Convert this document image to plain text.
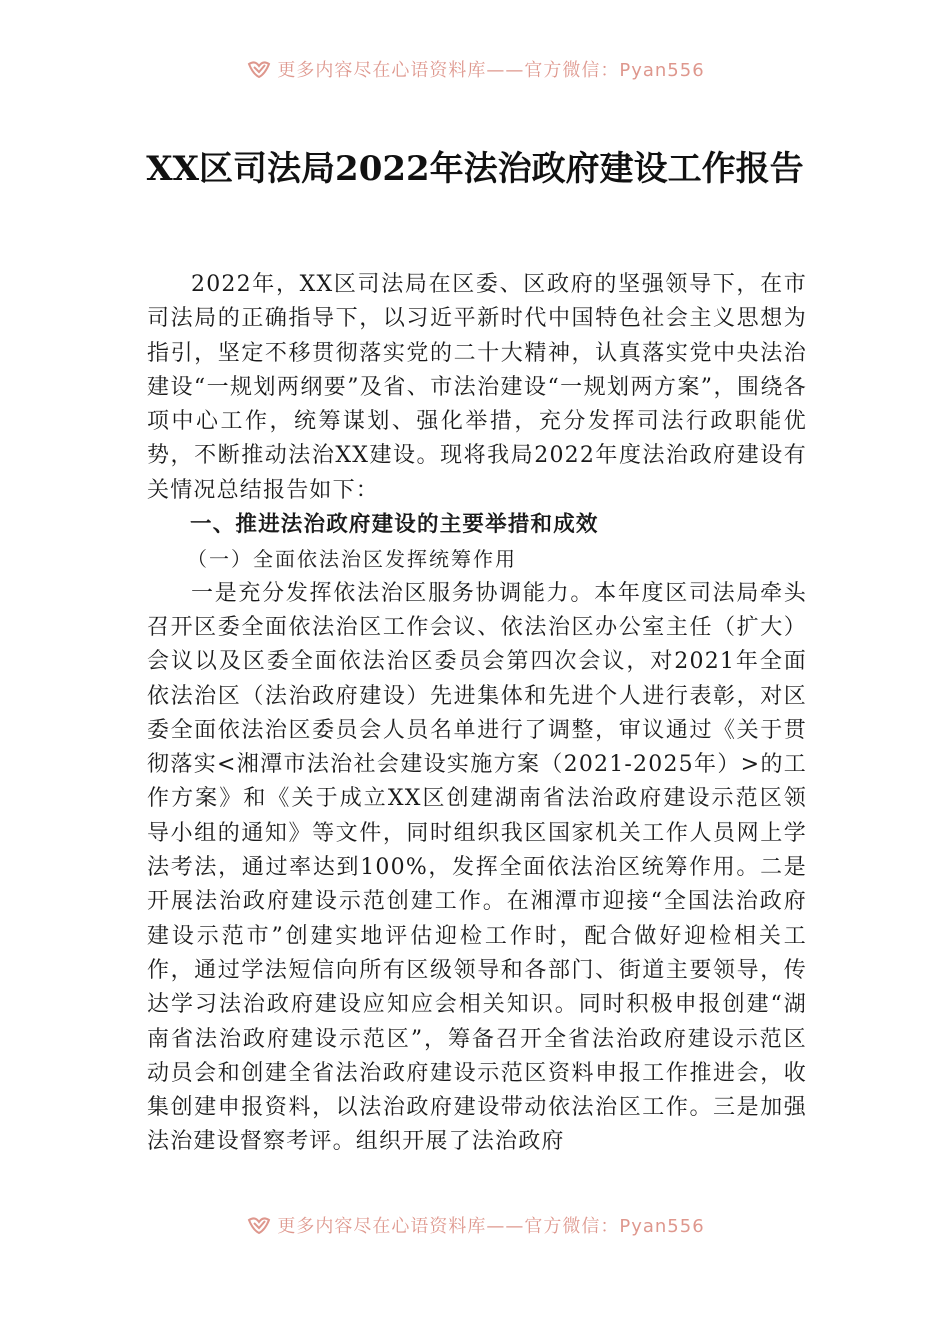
更多内容尽在心语资料库——官方微信：Pyan556
XX区司法局2022年法治政府建设工作报告

2022年，XX区司法局在区委、区政府的坚强领导下，在市司法局的正确指导下，以习近平新时代中国特色社会主义思想为指引，坚定不移贯彻落实党的二十大精神，认真落实党中央法治建设“一规划两纲要”及省、市法治建设“一规划两方案”，围绕各项中心工作，统筹谋划、强化举措，充分发挥司法行政职能优势，不断推动法治XX建设。现将我局2022年度法治政府建设有关情况总结报告如下：

一、推进法治政府建设的主要举措和成效

（一）全面依法治区发挥统筹作用

一是充分发挥依法治区服务协调能力。本年度区司法局牵头召开区委全面依法治区工作会议、依法治区办公室主任（扩大）会议以及区委全面依法治区委员会第四次会议，对2021年全面依法治区（法治政府建设）先进集体和先进个人进行表彰，对区委全面依法治区委员会人员名单进行了调整，审议通过《关于贯彻落实<湘潭市法治社会建设实施方案（2021-2025年）>的工作方案》和《关于成立XX区创建湖南省法治政府建设示范区领导小组的通知》等文件，同时组织我区国家机关工作人员网上学法考法，通过率达到100%，发挥全面依法治区统筹作用。二是开展法治政府建设示范创建工作。在湘潭市迎接“全国法治政府建设示范市”创建实地评估迎检工作时，配合做好迎检相关工作，通过学法短信向所有区级领导和各部门、街道主要领导，传达学习法治政府建设应知应会相关知识。同时积极申报创建“湖南省法治政府建设示范区”，筹备召开全省法治政府建设示范区动员会和创建全省法治政府建设示范区资料申报工作推进会，收集创建申报资料，以法治政府建设带动依法治区工作。三是加强法治建设督察考评。组织开展了法治政府

更多内容尽在心语资料库——官方微信：Pyan556
